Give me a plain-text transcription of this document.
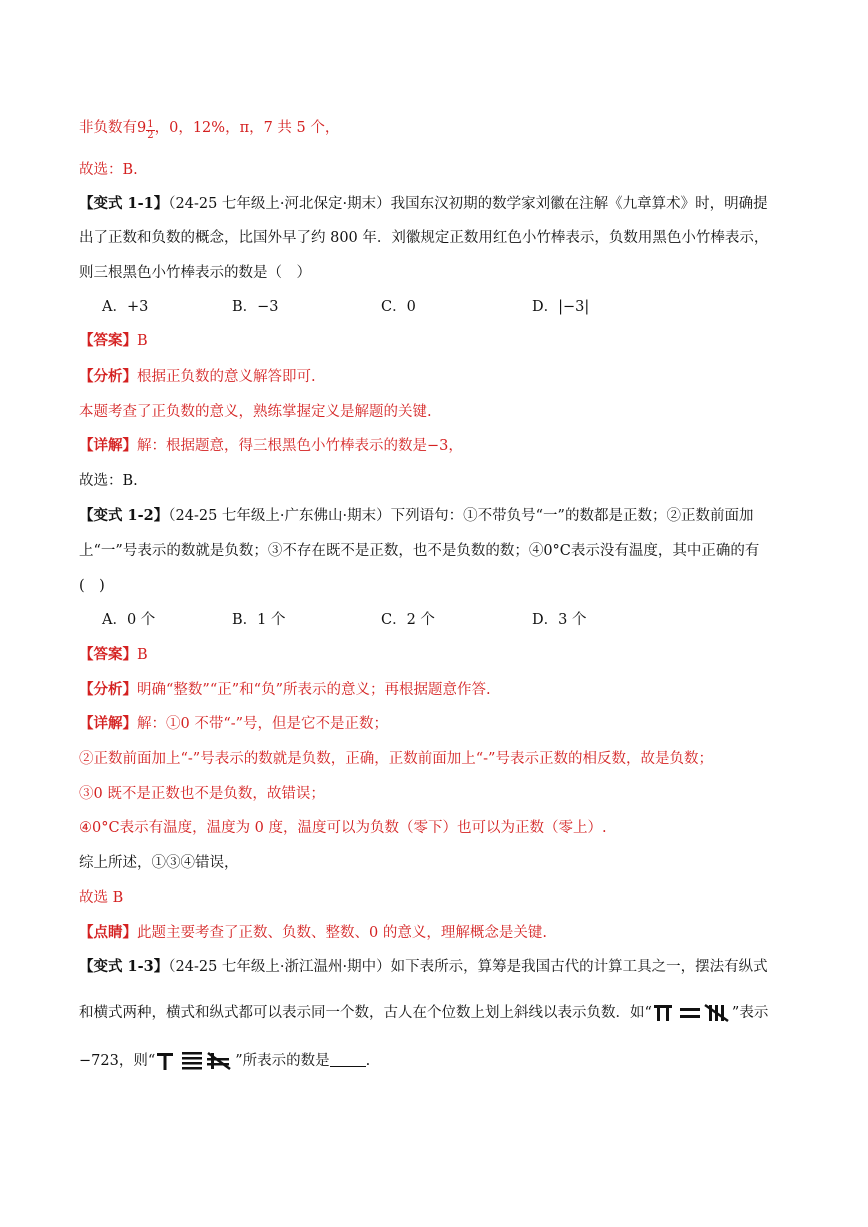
非负数有$9 \frac{1}{2}$ ，0，12%，π，7 共 5 个，
故选：B.
【变式 1-1】（24-25 七年级上·河北保定·期末）我国东汉初期的数学家刘徽在注解《九章算术》时，明确提
出了正数和负数的概念，比国外早了约 800 年．刘徽规定正数用红色小竹棒表示，负数用黑色小竹棒表示，
则三根黑色小竹棒表示的数是（　）
A．+3	B．−3	C．0	D．|−3|
【答案】B
【分析】根据正负数的意义解答即可.
本题考查了正负数的意义，熟练掌握定义是解题的关键.
【详解】解：根据题意，得三根黑色小竹棒表示的数是−3，
故选：B.
【变式 1-2】（24-25 七年级上·广东佛山·期末）下列语句：①不带负号“一”的数都是正数；②正数前面加
上“一”号表示的数就是负数；③不存在既不是正数，也不是负数的数；④0°C表示没有温度，其中正确的有
(　)
A．0 个	B．1 个	C．2 个	D．3 个
【答案】B
【分析】明确“整数”“正”和“负”所表示的意义；再根据题意作答.
【详解】解：①0 不带“-”号，但是它不是正数；
②正数前面加上“-”号表示的数就是负数，正确，正数前面加上“-”号表示正数的相反数，故是负数；
③0 既不是正数也不是负数，故错误；
④0°C表示有温度，温度为 0 度，温度可以为负数（零下）也可以为正数（零上）.
综上所述，①③④错误，
故选 B
【点睛】此题主要考查了正数、负数、整数、0 的意义，理解概念是关键.
【变式 1-3】（24-25 七年级上·浙江温州·期中）如下表所示，算筹是我国古代的计算工具之一，摆法有纵式
和横式两种，横式和纵式都可以表示同一个数，古人在个位数上划上斜线以表示负数．如“	”表示
−723，则“	”所表示的数是 .
